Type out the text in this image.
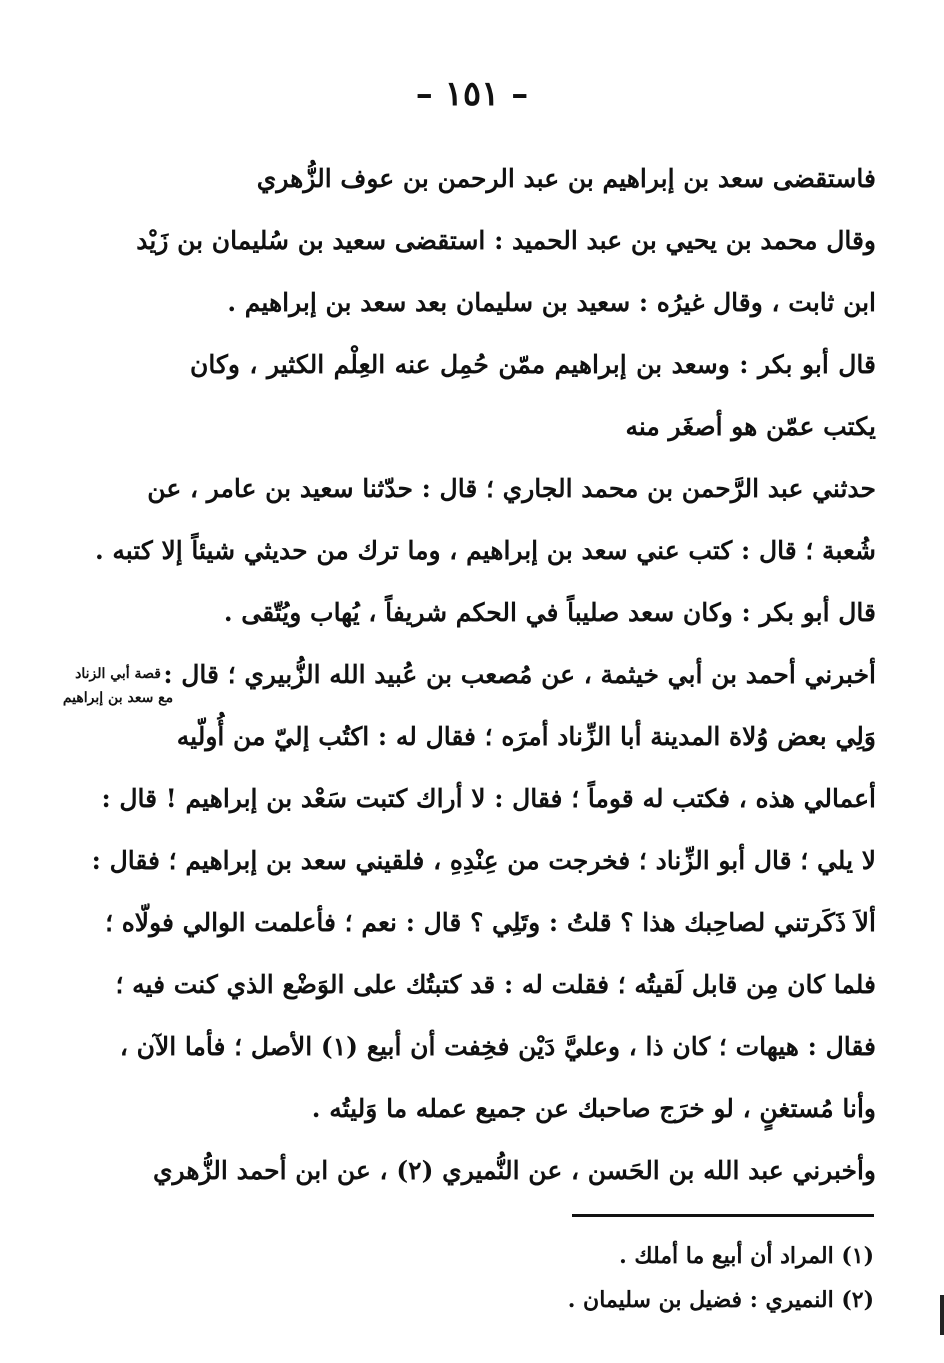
– ١٥١ –
فاستقضى سعد بن إبراهيم بن عبد الرحمن بن عوف الزُّهري
وقال محمد بن يحيي بن عبد الحميد : استقضى سعيد بن سُليمان بن زَيْد
ابن ثابت ، وقال غيرُه : سعيد بن سليمان بعد سعد بن إبراهيم .
قال أبو بكر : وسعد بن إبراهيم ممّن حُمِل عنه العِلْم الكثير ، وكان
يكتب عمّن هو أصغَر منه
حدثني عبد الرَّحمن بن محمد الجاري ؛ قال : حدّثنا سعيد بن عامر ، عن
شُعبة ؛ قال : كتب عني سعد بن إبراهيم ، وما ترك من حديثي شيئاً إلا كتبه .
قال أبو بكر : وكان سعد صليباً في الحكم شريفاً ، يُهاب ويُتّقى .
أخبرني أحمد بن أبي خيثمة ، عن مُصعب بن عُبيد الله الزُّبيري ؛ قال :
وَلِي بعض وُلاة المدينة أبا الزِّناد أمرَه ؛ فقال له : اكتُب إليّ من أُولّيه
أعمالي هذه ، فكتب له قوماً ؛ فقال : لا أراك كتبت سَعْد بن إبراهيم ! قال :
لا يلي ؛ قال أبو الزِّناد ؛ فخرجت من عِنْدِهِ ، فلقيني سعد بن إبراهيم ؛ فقال :
ألاَ ذَكَرتني لصاحِبك هذا ؟ قلتُ : وتَلِي ؟ قال : نعم ؛ فأعلمت الوالي فولّاه ؛
فلما كان مِن قابل لَقيتُه ؛ فقلت له : قد كتبتُك على الوَضْع الذي كنت فيه ؛
فقال : هيهات ؛ كان ذا ، وعليَّ دَيْن فخِفت أن أبيع (١) الأصل ؛ فأما الآن ،
وأنا مُستغنٍ ، لو خرَج صاحبك عن جميع عمله ما وَليتُه .
وأخبرني عبد الله بن الحَسن ، عن النُّميري (٢) ، عن ابن أحمد الزُّهري
قصة أبي الزناد
مع سعد بن إبراهيم
(١) المراد أن أبيع ما أملك .
(٢) النميري : فضيل بن سليمان .
